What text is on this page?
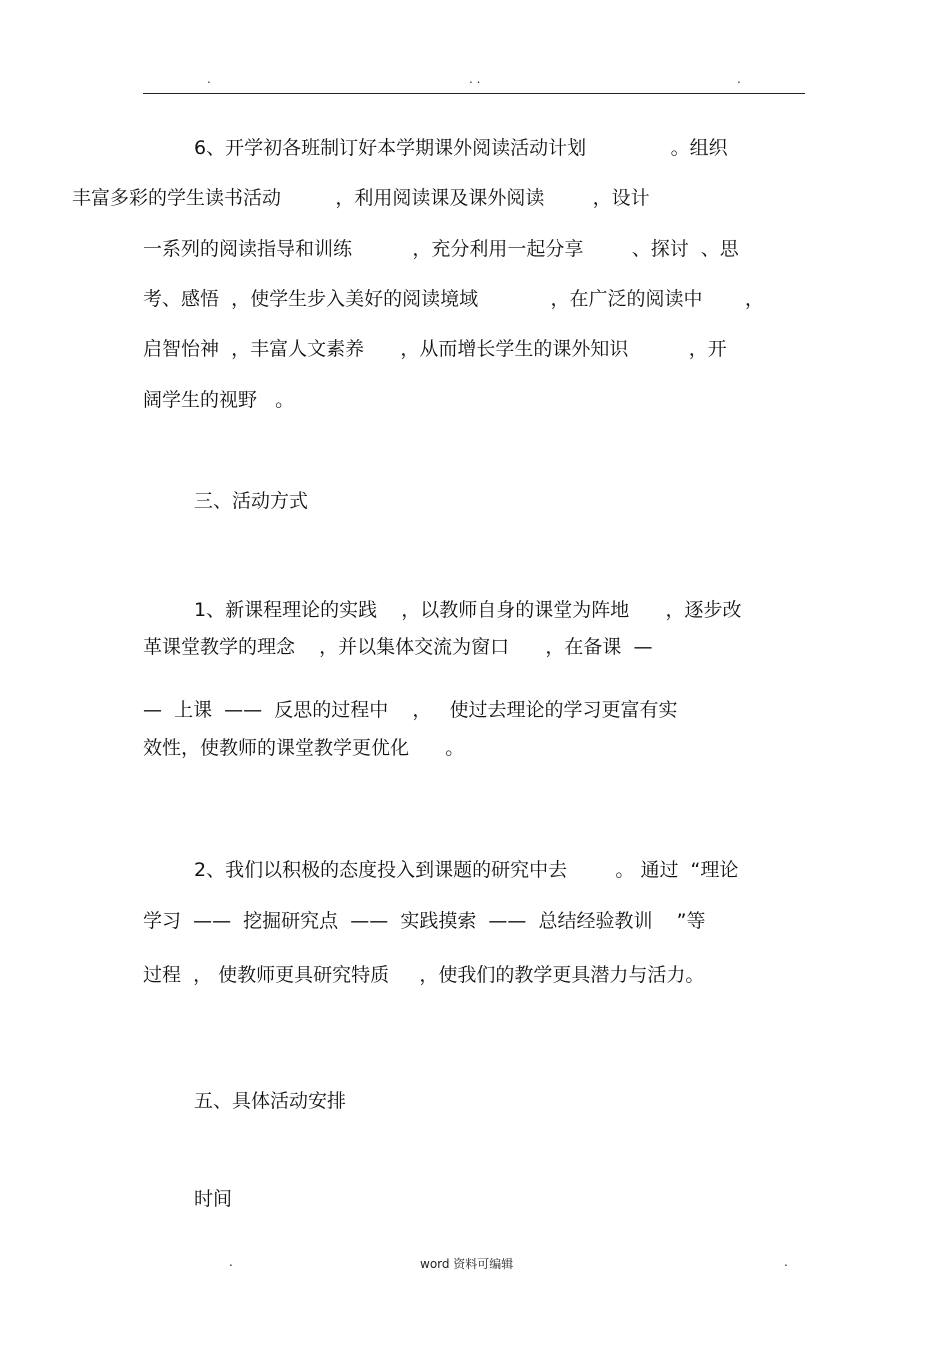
.	. .	.
6、开学初各班制订好本学期课外阅读活动计划              。组织
丰富多彩的学生读书活动         ，利用阅读课及课外阅读        ，设计
一系列的阅读指导和训练          ，充分利用一起分享        、探讨  、思
考、感悟  ，使学生步入美好的阅读境域            ，在广泛的阅读中       ，
启智怡神  ，丰富人文素养      ，从而增长学生的课外知识          ，开
阔学生的视野   。
三、活动方式
1、新课程理论的实践    ，以教师自身的课堂为阵地      ，逐步改
革课堂教学的理念    ，并以集体交流为窗口      ，在备课  —
—  上课  ——  反思的过程中    ，   使过去理论的学习更富有实
效性，使教师的课堂教学更优化      。
2、我们以积极的态度投入到课题的研究中去        。 通过  “理论
学习  ——  挖掘研究点  ——  实践摸索  ——  总结经验教训    ”等
过程  ， 使教师更具研究特质     ，使我们的教学更具潜力与活力。
五、具体活动安排
时间
.	word 资料可编辑	.
